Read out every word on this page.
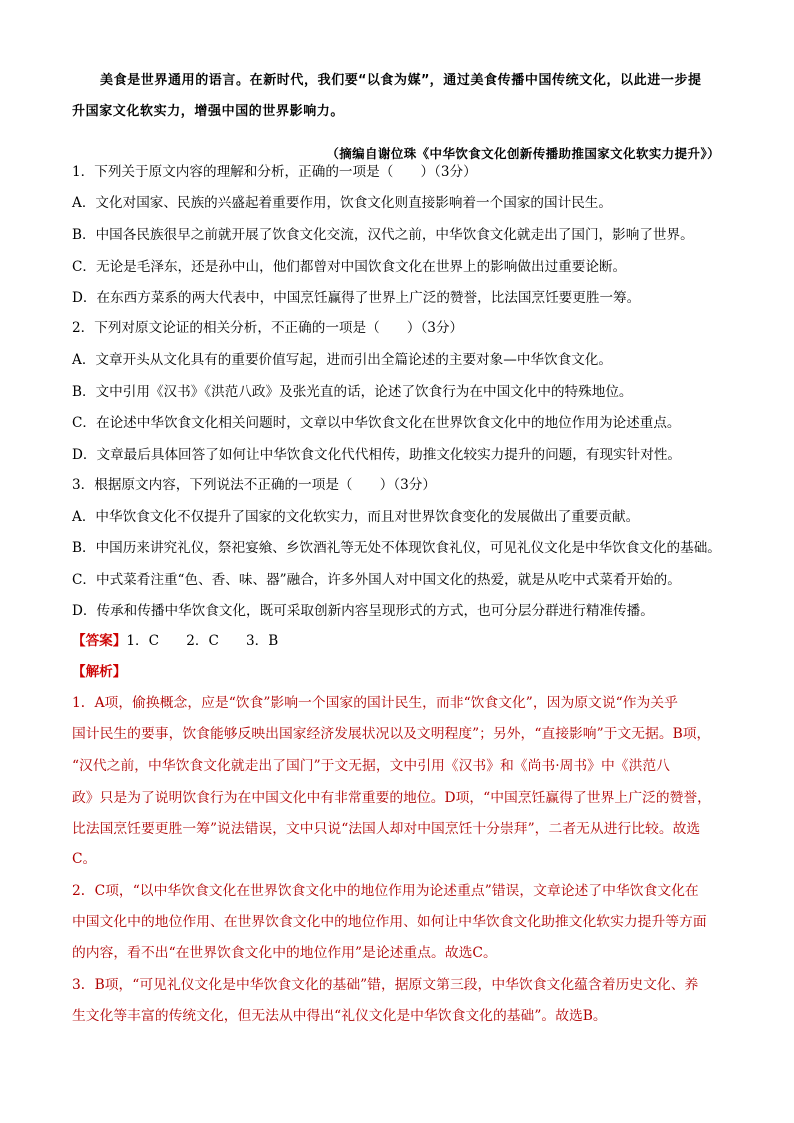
美食是世界通用的语言。在新时代，我们要“以食为媒”，通过美食传播中国传统文化，以此进一步提

升国家文化软实力，增强中国的世界影响力。

（摘编自谢位珠《中华饮食文化创新传播助推国家文化软实力提升》）

1．下列关于原文内容的理解和分析，正确的一项是（　　）（3分）

A．文化对国家、民族的兴盛起着重要作用，饮食文化则直接影响着一个国家的国计民生。

B．中国各民族很早之前就开展了饮食文化交流，汉代之前，中华饮食文化就走出了国门，影响了世界。

C．无论是毛泽东，还是孙中山，他们都曾对中国饮食文化在世界上的影响做出过重要论断。

D．在东西方菜系的两大代表中，中国烹饪赢得了世界上广泛的赞誉，比法国烹饪要更胜一筹。

2．下列对原文论证的相关分析，不正确的一项是（　　）（3分）

A．文章开头从文化具有的重要价值写起，进而引出全篇论述的主要对象—中华饮食文化。

B．文中引用《汉书》《洪范八政》及张光直的话，论述了饮食行为在中国文化中的特殊地位。

C．在论述中华饮食文化相关问题时，文章以中华饮食文化在世界饮食文化中的地位作用为论述重点。

D．文章最后具体回答了如何让中华饮食文化代代相传，助推文化较实力提升的问题，有现实针对性。

3．根据原文内容，下列说法不正确的一项是（　　）（3分）

A．中华饮食文化不仅提升了国家的文化软实力，而且对世界饮食变化的发展做出了重要贡献。

B．中国历来讲究礼仪，祭祀宴飨、乡饮酒礼等无处不体现饮食礼仪，可见礼仪文化是中华饮食文化的基础。

C．中式菜肴注重“色、香、味、器”融合，许多外国人对中国文化的热爱，就是从吃中式菜肴开始的。

D．传承和传播中华饮食文化，既可采取创新内容呈现形式的方式，也可分层分群进行精准传播。

【答案】1．C　　2．C　　3．B

【解析】

1．A项，偷换概念，应是“饮食”影响一个国家的国计民生，而非“饮食文化”，因为原文说“作为关乎

国计民生的要事，饮食能够反映出国家经济发展状况以及文明程度”；另外，“直接影响”于文无据。B项，

“汉代之前，中华饮食文化就走出了国门”于文无据，文中引用《汉书》和《尚书·周书》中《洪范八

政》只是为了说明饮食行为在中国文化中有非常重要的地位。D项，“中国烹饪赢得了世界上广泛的赞誉，

比法国烹饪要更胜一筹”说法错误，文中只说“法国人却对中国烹饪十分崇拜”，二者无从进行比较。故选

C。

2．C项，“以中华饮食文化在世界饮食文化中的地位作用为论述重点”错误，文章论述了中华饮食文化在

中国文化中的地位作用、在世界饮食文化中的地位作用、如何让中华饮食文化助推文化软实力提升等方面

的内容，看不出“在世界饮食文化中的地位作用”是论述重点。故选C。

3．B项，“可见礼仪文化是中华饮食文化的基础”错，据原文第三段，中华饮食文化蕴含着历史文化、养

生文化等丰富的传统文化，但无法从中得出“礼仪文化是中华饮食文化的基础”。故选B。
